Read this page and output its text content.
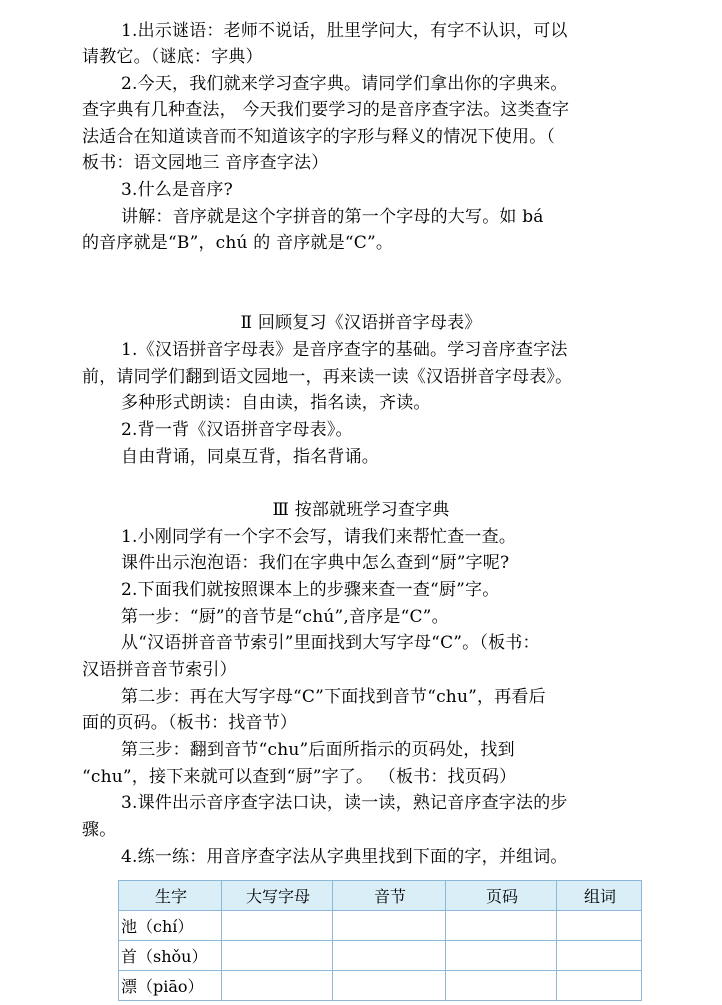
1.出示谜语：老师不说话，肚里学问大，有字不认识，可以
请教它。（谜底：字典）
2.今天，我们就来学习查字典。请同学们拿出你的字典来。
查字典有几种查法， 今天我们要学习的是音序查字法。这类查字
法适合在知道读音而不知道该字的字形与释义的情况下使用。（
板书：语文园地三 音序查字法）
3.什么是音序?
讲解：音序就是这个字拼音的第一个字母的大写。如 bá
的音序就是“B”，chú 的 音序就是“C”。
1.《汉语拼音字母表》是音序查字的基础。学习音序查字法
前，请同学们翻到语文园地一，再来读一读《汉语拼音字母表》。
多种形式朗读：自由读，指名读，齐读。
2.背一背《汉语拼音字母表》。
自由背诵，同桌互背，指名背诵。
1.小刚同学有一个字不会写，请我们来帮忙查一查。
课件出示泡泡语：我们在字典中怎么查到“厨”字呢?
2.下面我们就按照课本上的步骤来查一查“厨”字。
第一步：“厨”的音节是“chú”,音序是“C”。
从“汉语拼音音节索引”里面找到大写字母“C”。（板书：
汉语拼音音节索引）
第二步：再在大写字母“C”下面找到音节“chu”，再看后
面的页码。（板书：找音节）
第三步：翻到音节“chu”后面所指示的页码处，找到
“chu”，接下来就可以查到“厨”字了。 （板书：找页码）
3.课件出示音序查字法口诀，读一读，熟记音序查字法的步
骤。
4.练一练：用音序查字法从字典里找到下面的字，并组词。
Ⅱ 回顾复习《汉语拼音字母表》
Ⅲ 按部就班学习查字典
生字	大写字母	音节	页码	组词
池（chí）				
首（shǒu）				
漂（piāo）				
